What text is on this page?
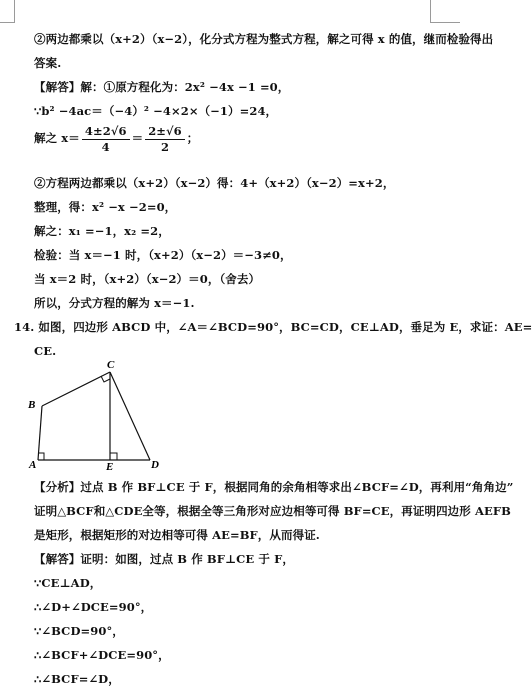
②两边都乘以（x+2）（x−2），化分式方程为整式方程，解之可得 x 的值，继而检验得出
答案.
【解答】解：①原方程化为：2x² −4x −1 =0，
∵b² −4ac＝（−4）² −4×2×（−1）=24，
解之 $x= \frac{4\pm 2√6}{4} = \frac{2\pm√6}{2}$ ；
②方程两边都乘以（x+2）（x−2）得：4+（x+2）（x−2）=x+2，
整理，得：x² −x −2=0，
解之：x₁ =−1，x₂ =2，
检验：当 x＝−1 时，（x+2）（x−2）＝−3≠0，
当 x＝2 时，（x+2）（x−2）＝0，（舍去）
所以，分式方程的解为 x＝−1.
14. 如图，四边形 ABCD 中，∠A＝∠BCD=90°，BC=CD，CE⊥AD，垂足为 E，求证：AE=
CE.
B
C
A	E	D
【分析】过点 B 作 BF⊥CE 于 F，根据同角的余角相等求出∠BCF=∠D，再利用“角角边”
证明△BCF和△CDE全等，根据全等三角形对应边相等可得 BF=CE，再证明四边形 AEFB
是矩形，根据矩形的对边相等可得 AE=BF，从而得证.
【解答】证明：如图，过点 B 作 BF⊥CE 于 F，
∵CE⊥AD，
∴∠D+∠DCE=90°，
∵∠BCD=90°，
∴∠BCF+∠DCE=90°，
∴∠BCF=∠D，
